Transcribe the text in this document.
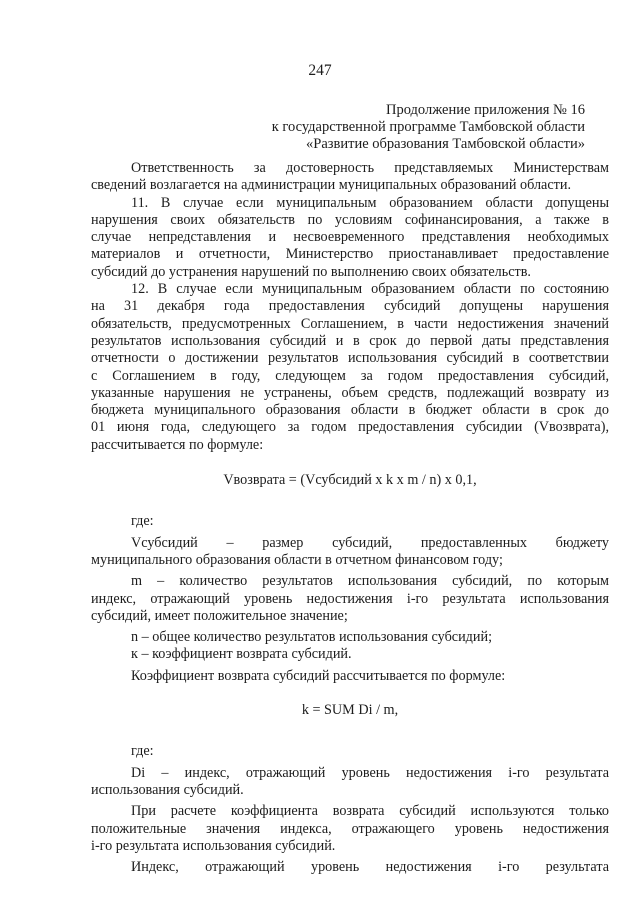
247
Продолжение приложения № 16
к государственной программе Тамбовской области
«Развитие образования Тамбовской области»

Ответственность за достоверность представляемых Министерствам

сведений возлагается на администрации муниципальных образований области.

11. В случае если муниципальным образованием области допущены

нарушения своих обязательств по условиям софинансирования, а также в

случае непредставления и несвоевременного представления необходимых

материалов и отчетности, Министерство приостанавливает предоставление

субсидий до устранения нарушений по выполнению своих обязательств.

12. В случае если муниципальным образованием области по состоянию

на 31 декабря года предоставления субсидий допущены нарушения

обязательств, предусмотренных Соглашением, в части недостижения значений

результатов использования субсидий и в срок до первой даты представления

отчетности о достижении результатов использования субсидий в соответствии

с Соглашением в году, следующем за годом предоставления субсидий,

указанные нарушения не устранены, объем средств, подлежащий возврату из

бюджета муниципального образования области в бюджет области в срок до

01 июня года, следующего за годом предоставления субсидии (Vвозврата),

рассчитывается по формуле:

Vвозврата = (Vсубсидий x k x m / n) x 0,1,

где:

Vсубсидий – размер субсидий, предоставленных бюджету

муниципального образования области в отчетном финансовом году;

m – количество результатов использования субсидий, по которым

индекс, отражающий уровень недостижения i-го результата использования

субсидий, имеет положительное значение;

n – общее количество результатов использования субсидий;

к – коэффициент возврата субсидий.

Коэффициент возврата субсидий рассчитывается по формуле:

k = SUM Di / m,

где:

Di – индекс, отражающий уровень недостижения i-го результата

использования субсидий.

При расчете коэффициента возврата субсидий используются только

положительные значения индекса, отражающего уровень недостижения

i-го результата использования субсидий.

Индекс, отражающий уровень недостижения i-го результата
